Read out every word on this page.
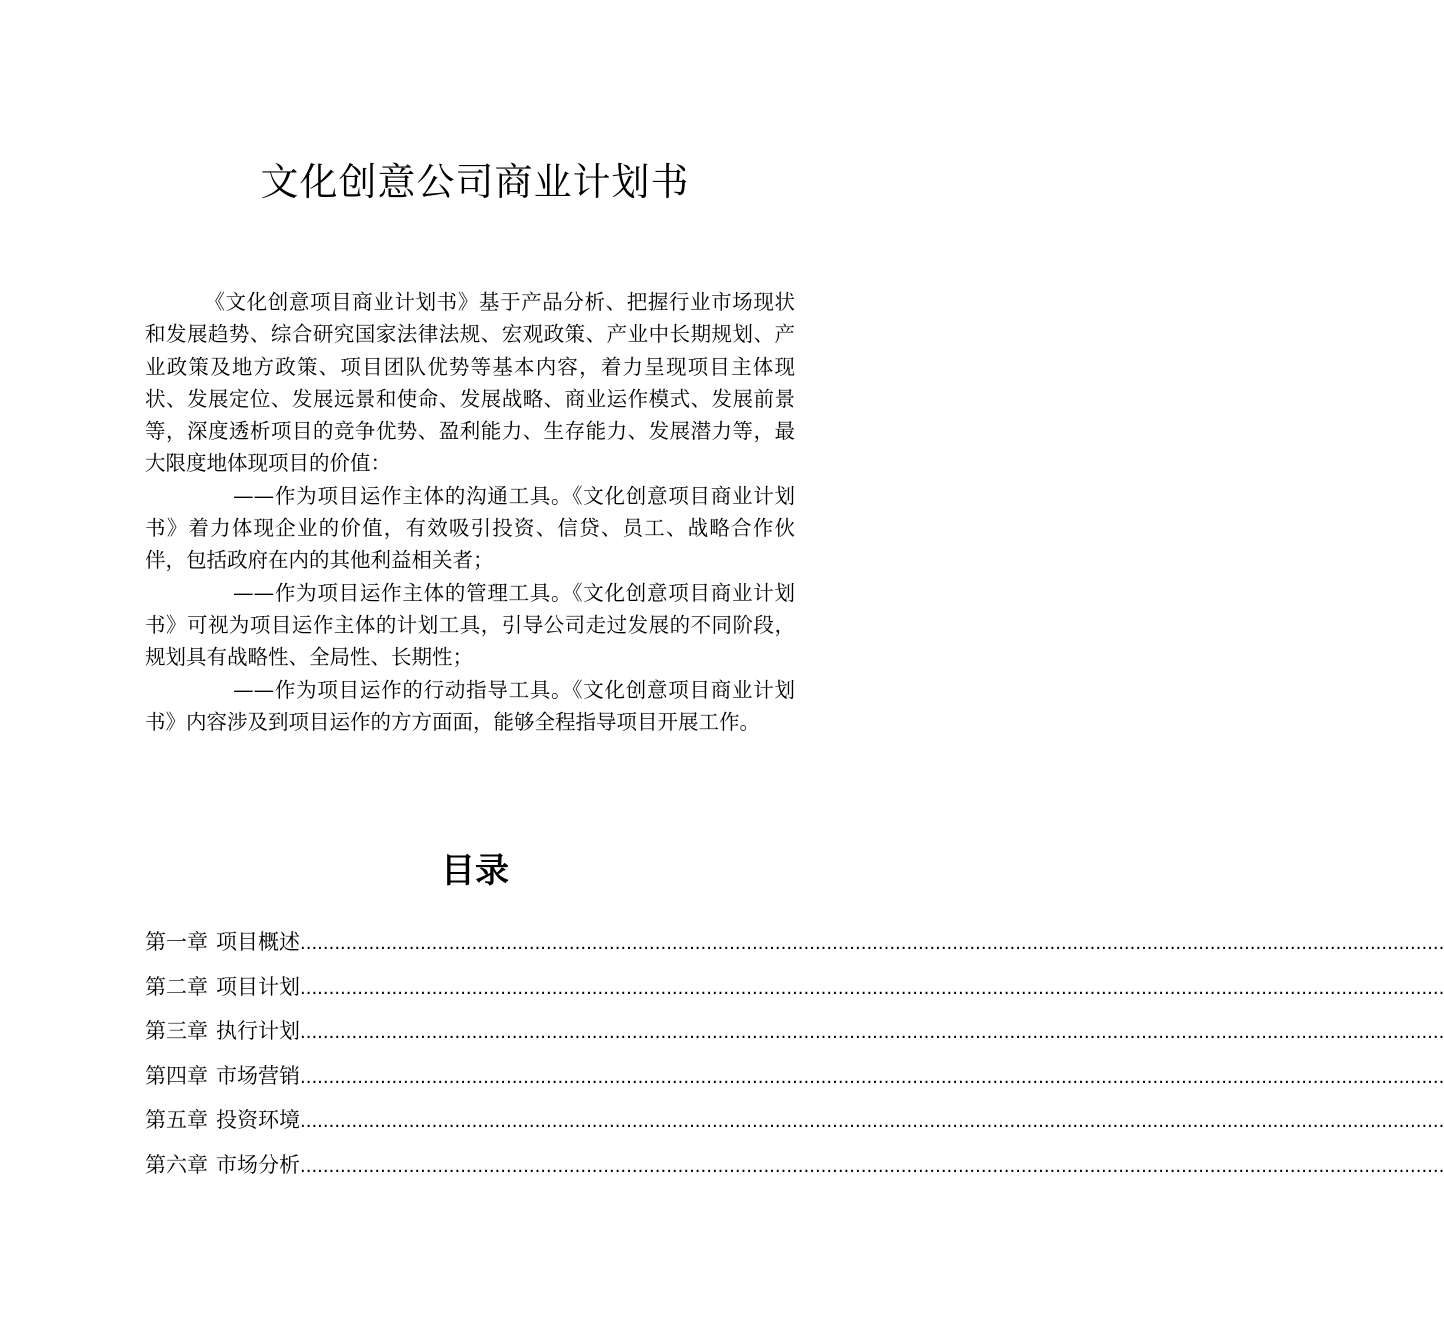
文化创意公司商业计划书

《文化创意项目商业计划书》基于产品分析、把握行业市场现状和发展趋势、综合研究国家法律法规、宏观政策、产业中长期规划、产业政策及地方政策、项目团队优势等基本内容，着力呈现项目主体现状、发展定位、发展远景和使命、发展战略、商业运作模式、发展前景等，深度透析项目的竞争优势、盈利能力、生存能力、发展潜力等，最大限度地体现项目的价值：

——作为项目运作主体的沟通工具。《文化创意项目商业计划书》着力体现企业的价值，有效吸引投资、信贷、员工、战略合作伙伴，包括政府在内的其他利益相关者；

——作为项目运作主体的管理工具。《文化创意项目商业计划书》可视为项目运作主体的计划工具，引导公司走过发展的不同阶段，规划具有战略性、全局性、长期性；

——作为项目运作的行动指导工具。《文化创意项目商业计划书》内容涉及到项目运作的方方面面，能够全程指导项目开展工作。

目录
第一章 项目概述 ........................................................................................................................................................................................................
第二章 项目计划 ........................................................................................................................................................................................................
第三章 执行计划 ........................................................................................................................................................................................................
第四章 市场营销 ........................................................................................................................................................................................................
第五章 投资环境 ........................................................................................................................................................................................................
第六章 市场分析 ........................................................................................................................................................................................................
